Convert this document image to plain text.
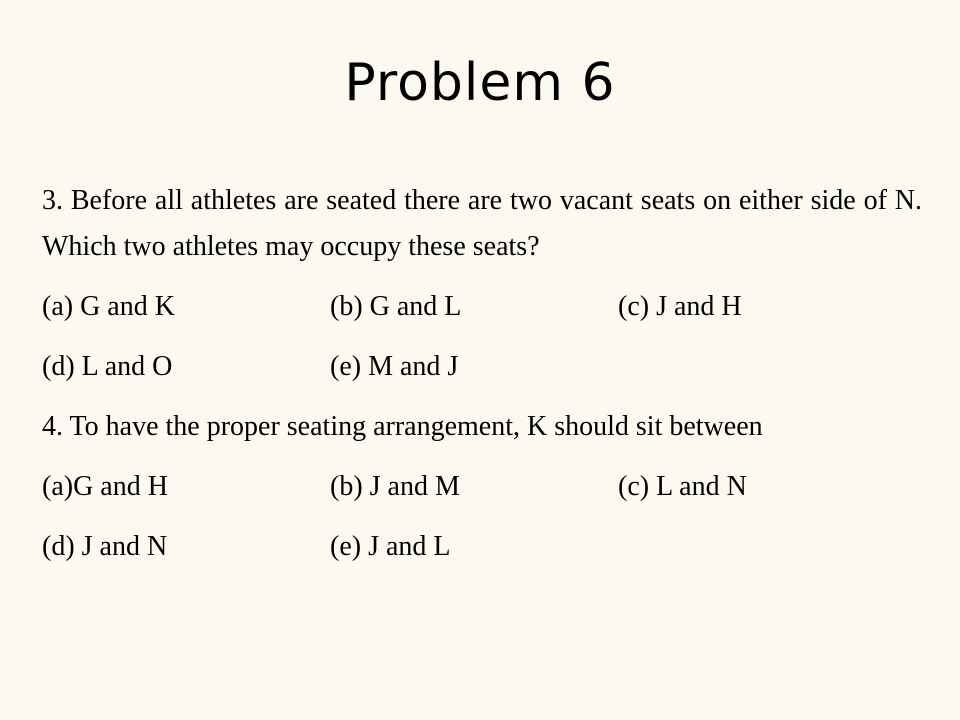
Problem 6

3. Before all athletes are seated there are two vacant seats on either side of N. Which two athletes may occupy these seats?

(a) G and K	(b) G and L	(c) J and H
(d) L and O	(e) M and J

4. To have the proper seating arrangement, K should sit between

(a)G and H	(b) J and M	(c) L and N
(d) J and N	(e) J and L
